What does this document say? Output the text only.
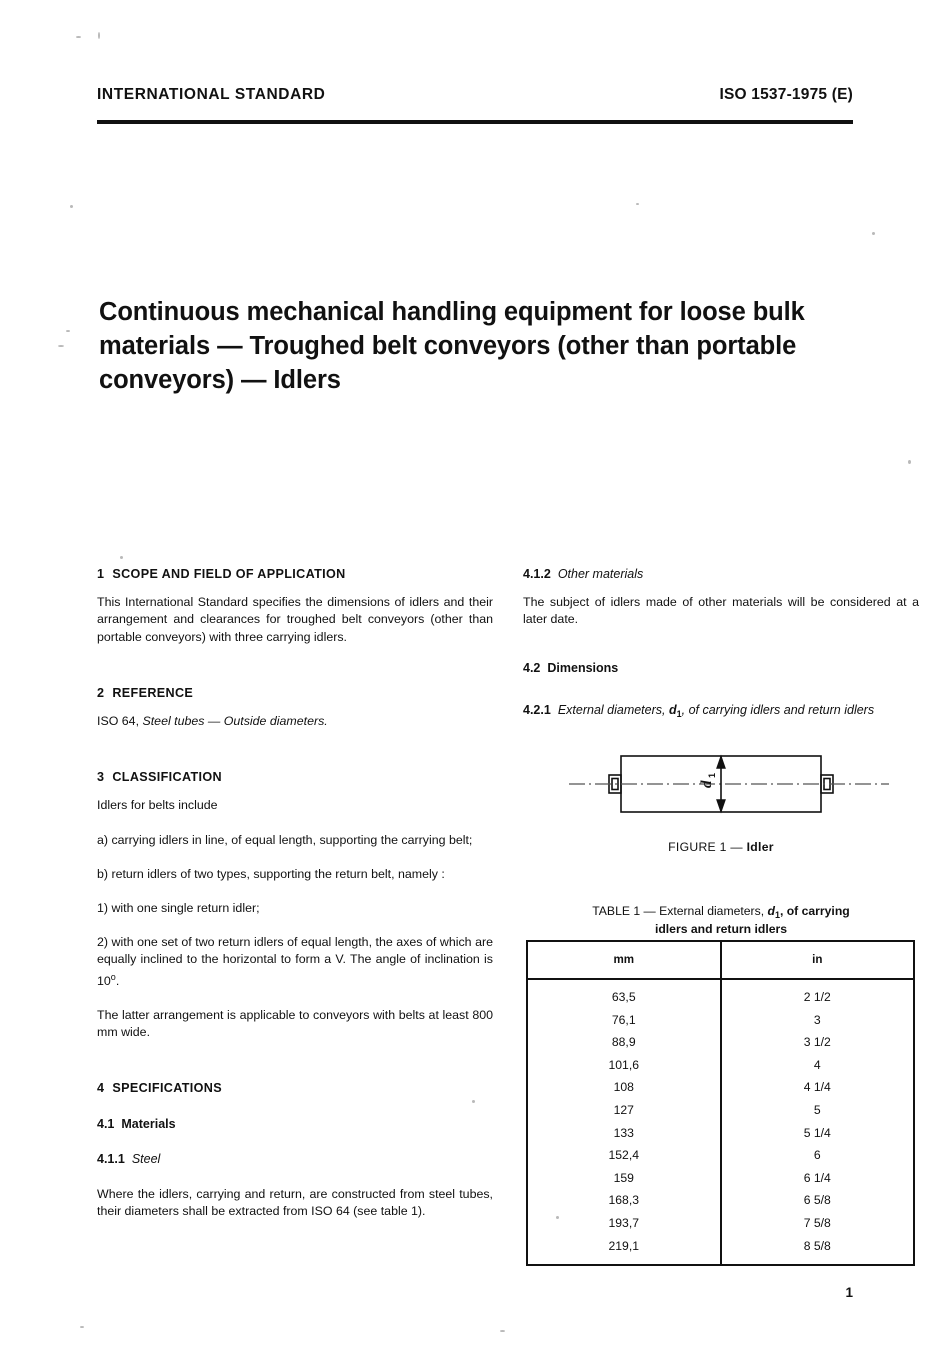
INTERNATIONAL STANDARD	ISO 1537-1975 (E)
Continuous mechanical handling equipment for loose bulk materials — Troughed belt conveyors (other than portable conveyors) — Idlers
1 SCOPE AND FIELD OF APPLICATION

This International Standard specifies the dimensions of idlers and their arrangement and clearances for troughed belt conveyors (other than portable conveyors) with three carrying idlers.

2 REFERENCE

ISO 64, Steel tubes — Outside diameters.

3 CLASSIFICATION

Idlers for belts include

a) carrying idlers in line, of equal length, supporting the carrying belt;

b) return idlers of two types, supporting the return belt, namely :

1) with one single return idler;

2) with one set of two return idlers of equal length, the axes of which are equally inclined to the horizontal to form a V. The angle of inclination is 10$^o$.

The latter arrangement is applicable to conveyors with belts at least 800 mm wide.

4 SPECIFICATIONS
4.1 Materials
4.1.1 Steel

Where the idlers, carrying and return, are constructed from steel tubes, their diameters shall be extracted from ISO 64 (see table 1).

4.1.2 Other materials

The subject of idlers made of other materials will be considered at a later date.

4.2 Dimensions
4.2.1 External diameters, $d_1$, of carrying idlers and return idlers
d
1
FIGURE 1 — Idler
TABLE 1 — External diameters, $d_1$, of carrying
idlers and return idlers
mm	in
63,5	2 1/2
76,1	3
88,9	3 1/2
101,6	4
108	4 1/4
127	5
133	5 1/4
152,4	6
159	6 1/4
168,3	6 5/8
193,7	7 5/8
219,1	8 5/8
1
